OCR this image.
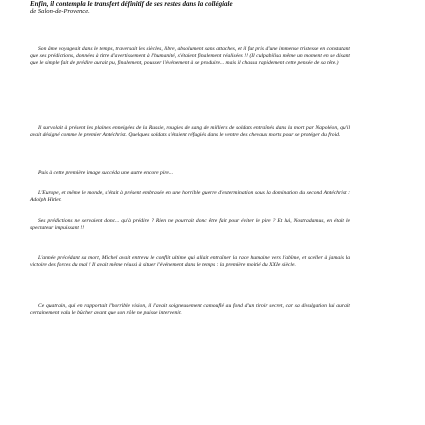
Enfin, il contempla le transfert définitif de ses restes dans la collégiale
de Salon-de-Provence.

Son âme voyageait dans le temps, traversait les siècles, libre, absolument sans attaches, et il fut pris d'une immense tristesse en constatant que ses prédictions, données à titre d'avertissement à l'humanité, s'étaient finalement réalisées !! (Il culpabilisa même un moment en se disant que le simple fait de prédire aurait pu, finalement, pousser l'événement à se produire... mais il chassa rapidement cette pensée de sa tête.)

Il survolait à présent les plaines enneigées de la Russie, rougies de sang de milliers de soldats entraînés dans la mort par Napoléon, qu'il avait désigné comme le premier Antéchrist. Quelques soldats s'étaient réfugiés dans le ventre des chevaux morts pour se protéger du froid.

Puis à cette première image succéda une autre encore pire...

L'Europe, et même le monde, s'était à présent embrasée en une horrible guerre d'extermination sous la domination du second Antéchrist : Adolph Hitler.

Ses prédictions ne servaient donc... qu'à prédire ? Rien ne pourrait donc être fait pour éviter le pire ? Et lui, Nostradamus, en était le spectateur impuissant !!

L'année précédant sa mort, Michel avait entrevu le conflit ultime qui allait entraîner la race humaine vers l'abîme, et sceller à jamais la victoire des forces du mal ! Il avait même réussi à situer l'événement dans le temps : la première moitié du XXIe siècle.

Ce quatrain, qui en rapportait l'horrible vision, il l'avait soigneusement camouflé au fond d'un tiroir secret, car sa divulgation lui aurait certainement valu le bûcher avant que son rôle ne puisse intervenir.
